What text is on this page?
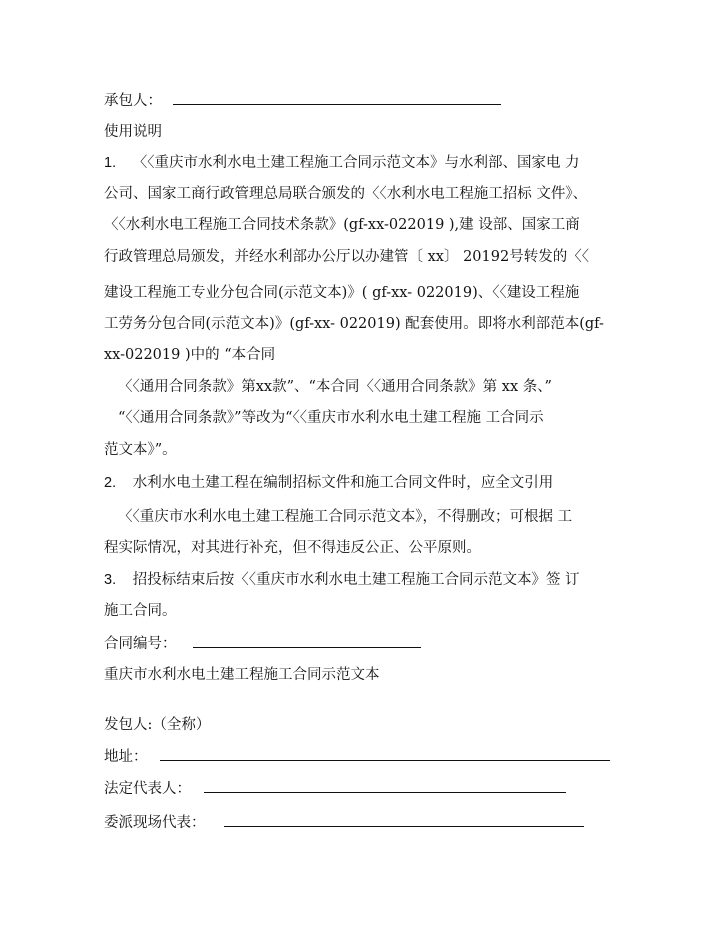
承包人：
使用说明
1. 〈〈重庆市水利水电土建工程施工合同示范文本》与水利部、国家电 力
公司、国家工商行政管理总局联合颁发的〈〈水利水电工程施工招标 文件》、
〈〈水利水电工程施工合同技术条款》(gf-xx-022019 ),建 设部、国家工商
行政管理总局颁发，并经水利部办公厅以办建管〔 xx〕 20192号转发的〈〈
建设工程施工专业分包合同(示范文本)》( gf-xx- 022019)、〈〈建设工程施
工劳务分包合同(示范文本)》(gf-xx- 022019) 配套使用。即将水利部范本(gf-
xx-022019 )中的 “本合同
〈〈通用合同条款》第xx款”、“本合同〈〈通用合同条款》第 xx 条、”
“〈〈通用合同条款》”等改为“〈〈重庆市水利水电土建工程施 工合同示
范文本》”。
2. 水利水电土建工程在编制招标文件和施工合同文件时，应全文引用
〈〈重庆市水利水电土建工程施工合同示范文本》，不得删改；可根据 工
程实际情况，对其进行补充，但不得违反公正、公平原则。
3. 招投标结束后按〈〈重庆市水利水电土建工程施工合同示范文本》签 订
施工合同。
合同编号：
重庆市水利水电土建工程施工合同示范文本
发包人:（全称）
地址：
法定代表人：
委派现场代表：
